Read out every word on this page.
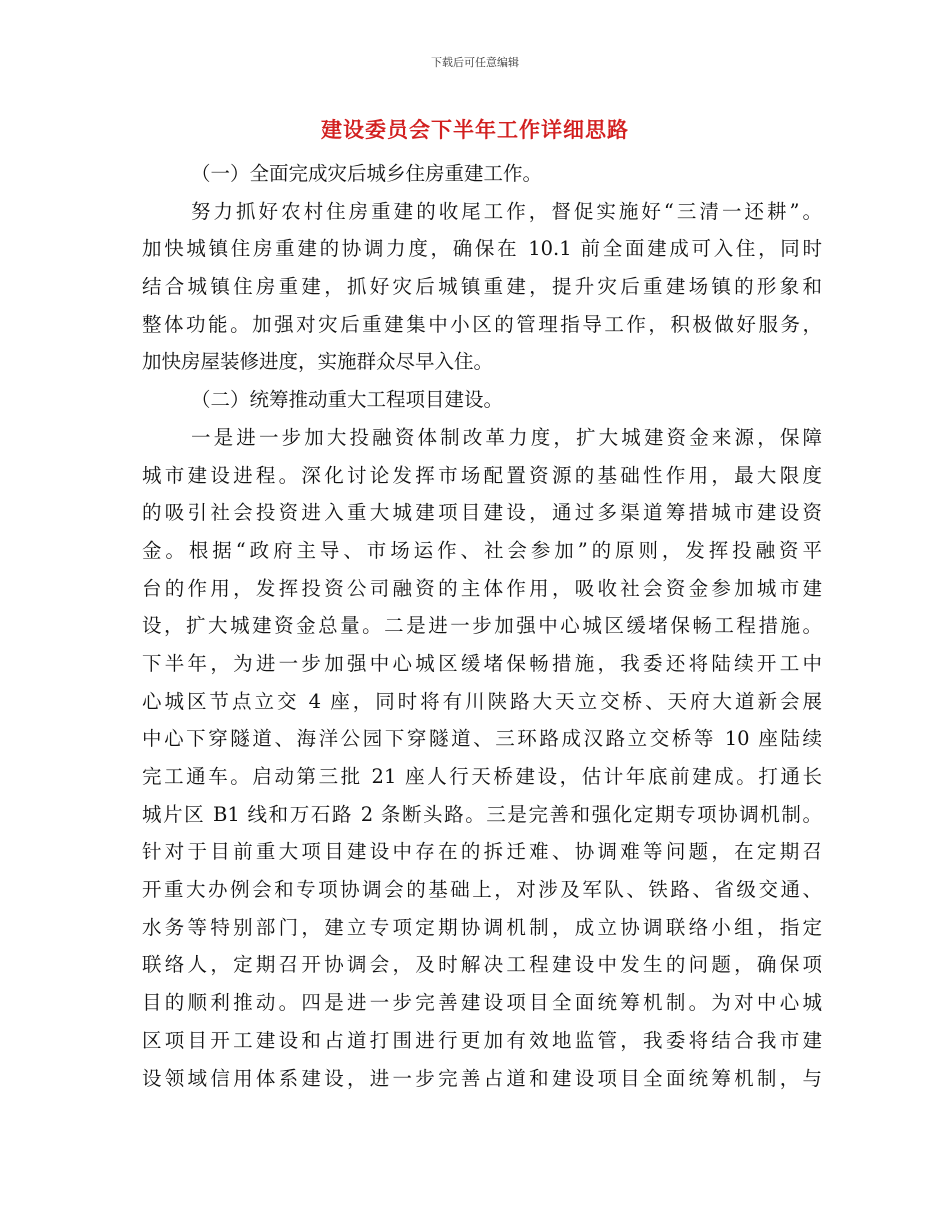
下载后可任意编辑
建设委员会下半年工作详细思路
（一）全面完成灾后城乡住房重建工作。
努力抓好农村住房重建的收尾工作，督促实施好“三清一还耕”。
加快城镇住房重建的协调力度，确保在 10.1 前全面建成可入住，同时
结合城镇住房重建，抓好灾后城镇重建，提升灾后重建场镇的形象和
整体功能。加强对灾后重建集中小区的管理指导工作，积极做好服务，
加快房屋装修进度，实施群众尽早入住。
（二）统筹推动重大工程项目建设。
一是进一步加大投融资体制改革力度，扩大城建资金来源，保障
城市建设进程。深化讨论发挥市场配置资源的基础性作用，最大限度
的吸引社会投资进入重大城建项目建设，通过多渠道筹措城市建设资
金。根据“政府主导、市场运作、社会参加”的原则，发挥投融资平
台的作用，发挥投资公司融资的主体作用，吸收社会资金参加城市建
设，扩大城建资金总量。二是进一步加强中心城区缓堵保畅工程措施。
下半年，为进一步加强中心城区缓堵保畅措施，我委还将陆续开工中
心城区节点立交 4 座，同时将有川陕路大天立交桥、天府大道新会展
中心下穿隧道、海洋公园下穿隧道、三环路成汉路立交桥等 10 座陆续
完工通车。启动第三批 21 座人行天桥建设，估计年底前建成。打通长
城片区 B1 线和万石路 2 条断头路。三是完善和强化定期专项协调机制。
针对于目前重大项目建设中存在的拆迁难、协调难等问题，在定期召
开重大办例会和专项协调会的基础上，对涉及军队、铁路、省级交通、
水务等特别部门，建立专项定期协调机制，成立协调联络小组，指定
联络人，定期召开协调会，及时解决工程建设中发生的问题，确保项
目的顺利推动。四是进一步完善建设项目全面统筹机制。为对中心城
区项目开工建设和占道打围进行更加有效地监管，我委将结合我市建
设领域信用体系建设，进一步完善占道和建设项目全面统筹机制，与
